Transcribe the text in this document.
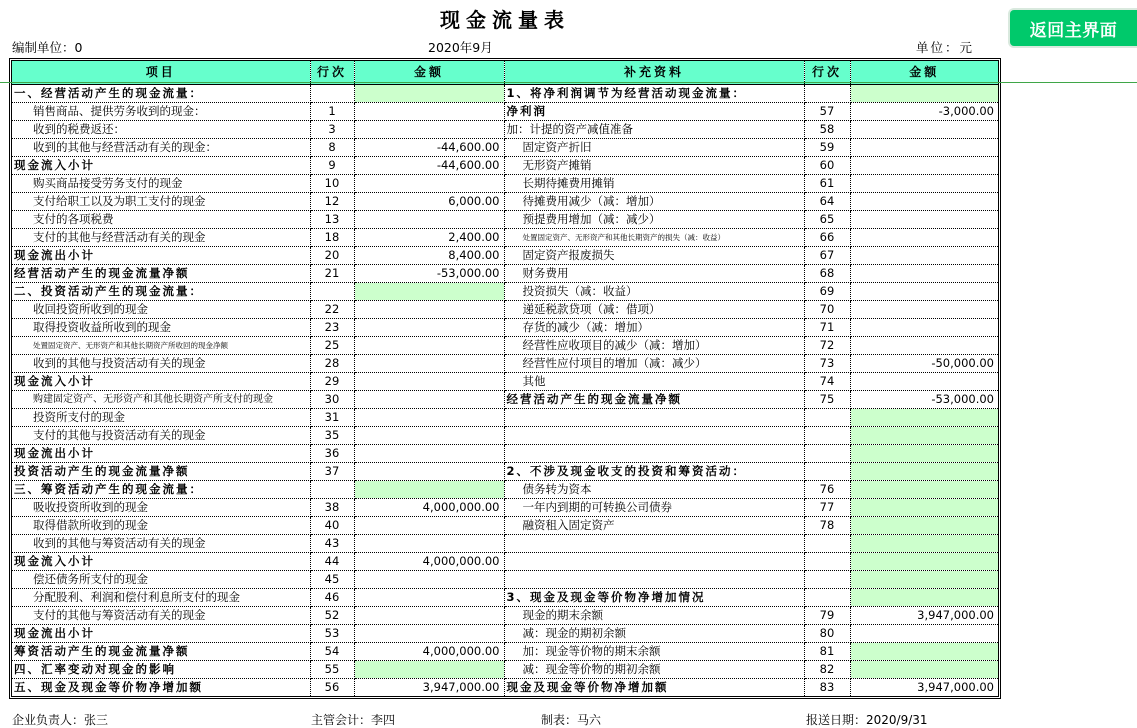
现金流量表
编制单位：0	2020年9月	单位：元
返回主界面
项目	行次	金额	补充资料	行次	金额
一、经营活动产生的现金流量：			1、将净利润调节为经营活动现金流量：		
销售商品、提供劳务收到的现金：	1		净利润	57	-3,000.00
收到的税费返还：	3		加：计提的资产减值准备	58	
收到的其他与经营活动有关的现金：	8	-44,600.00	固定资产折旧	59	
现金流入小计	9	-44,600.00	无形资产摊销	60	
购买商品接受劳务支付的现金	10		长期待摊费用摊销	61	
支付给职工以及为职工支付的现金	12	6,000.00	待摊费用减少（减：增加）	64	
支付的各项税费	13		预提费用增加（减：减少）	65	
支付的其他与经营活动有关的现金	18	2,400.00	处置固定资产、无形资产和其他长期资产的损失（减：收益）	66	
现金流出小计	20	8,400.00	固定资产报废损失	67	
经营活动产生的现金流量净额	21	-53,000.00	财务费用	68	
二、投资活动产生的现金流量：			投资损失（减：收益）	69	
收回投资所收到的现金	22		递延税款贷项（减：借项）	70	
取得投资收益所收到的现金	23		存货的减少（减：增加）	71	
处置固定资产、无形资产和其他长期资产所收回的现金净额	25		经营性应收项目的减少（减：增加）	72	
收到的其他与投资活动有关的现金	28		经营性应付项目的增加（减：减少）	73	-50,000.00
现金流入小计	29		其他	74	
购建固定资产、无形资产和其他长期资产所支付的现金	30		经营活动产生的现金流量净额	75	-53,000.00
投资所支付的现金	31				
支付的其他与投资活动有关的现金	35				
现金流出小计	36				
投资活动产生的现金流量净额	37		2、不涉及现金收支的投资和筹资活动：		
三、筹资活动产生的现金流量：			债务转为资本	76	
吸收投资所收到的现金	38	4,000,000.00	一年内到期的可转换公司债券	77	
取得借款所收到的现金	40		融资租入固定资产	78	
收到的其他与筹资活动有关的现金	43				
现金流入小计	44	4,000,000.00			
偿还债务所支付的现金	45				
分配股利、利润和偿付利息所支付的现金	46		3、现金及现金等价物净增加情况		
支付的其他与筹资活动有关的现金	52		现金的期末余额	79	3,947,000.00
现金流出小计	53		减：现金的期初余额	80	
筹资活动产生的现金流量净额	54	4,000,000.00	加：现金等价物的期末余额	81	
四、汇率变动对现金的影响	55		减：现金等价物的期初余额	82	
五、现金及现金等价物净增加额	56	3,947,000.00	现金及现金等价物净增加额	83	3,947,000.00
企业负责人：张三	主管会计：李四	制表：马六	报送日期：2020/9/31
